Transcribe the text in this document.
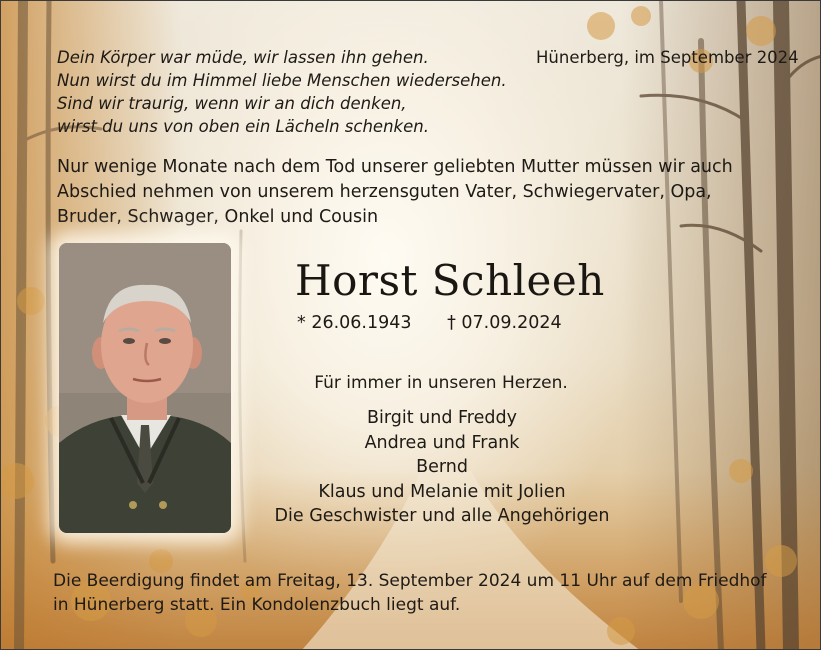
Dein Körper war müde, wir lassen ihn gehen.
Nun wirst du im Himmel liebe Menschen wiedersehen.
Sind wir traurig, wenn wir an dich denken,
wirst du uns von oben ein Lächeln schenken.
Hünerberg, im September 2024
Nur wenige Monate nach dem Tod unserer geliebten Mutter müssen wir auch
Abschied nehmen von unserem herzensguten Vater, Schwiegervater, Opa,
Bruder, Schwager, Onkel und Cousin
Horst Schleeh
* 26.06.1943 † 07.09.2024
Für immer in unseren Herzen.
Birgit und Freddy
Andrea und Frank
Bernd
Klaus und Melanie mit Jolien
Die Geschwister und alle Angehörigen
Die Beerdigung findet am Freitag, 13. September 2024 um 11 Uhr auf dem Friedhof
in Hünerberg statt. Ein Kondolenzbuch liegt auf.
